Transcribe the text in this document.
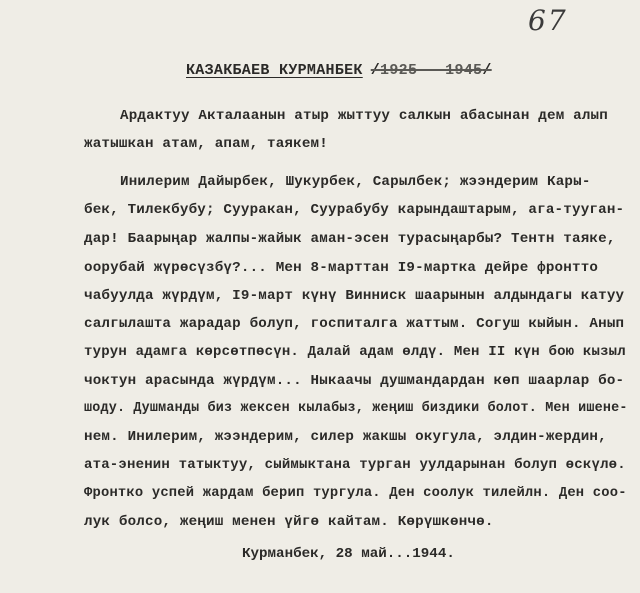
67
КАЗАКБАЕВ КУРМАНБЕК /1925 - 1945/
Ардактуу Акталаанын атыр жыттуу салкын абасынан дем алып
жатышкан атам, апам, таякем!
Инилерим Дайырбек, Шукурбек, Сарылбек; жээндерим Кары-
бек, Тилекбубу; Сууракан, Суурабубу карындаштарым, ага-тууган-
дар! Баарыңар жалпы-жайык аман-эсен турасыңарбы? Тентн таяке,
оорубай жүрөсүзбү?... Мен 8-марттан I9-мартка дейре фронтто
чабуулда жүрдүм, I9-март күнү Винниск шаарынын алдындагы катуу
салгылашта жарадар болуп, госпиталга жаттым. Согуш кыйын. Анып
турун адамга көрсөтпөсүн. Далай адам өлдү. Мен II күн бою кызыл
чоктун арасында жүрдүм... Ныкаачы душмандардан көп шаарлар бо-
шоду. Душманды биз жексен кылабыз, жеңиш биздики болот. Мен ишене-
нем. Инилерим, жээндерим, силер жакшы окугула, элдин-жердин,
ата-эненин татыктуу, сыймыктана турган уулдарынан болуп өскүлө.
Фронтко успей жардам берип тургула. Ден соолук тилейлн. Ден соо-
лук болсо, жеңиш менен үйгө кайтам. Көрүшкөнчө.
Курманбек, 28 май...1944.
